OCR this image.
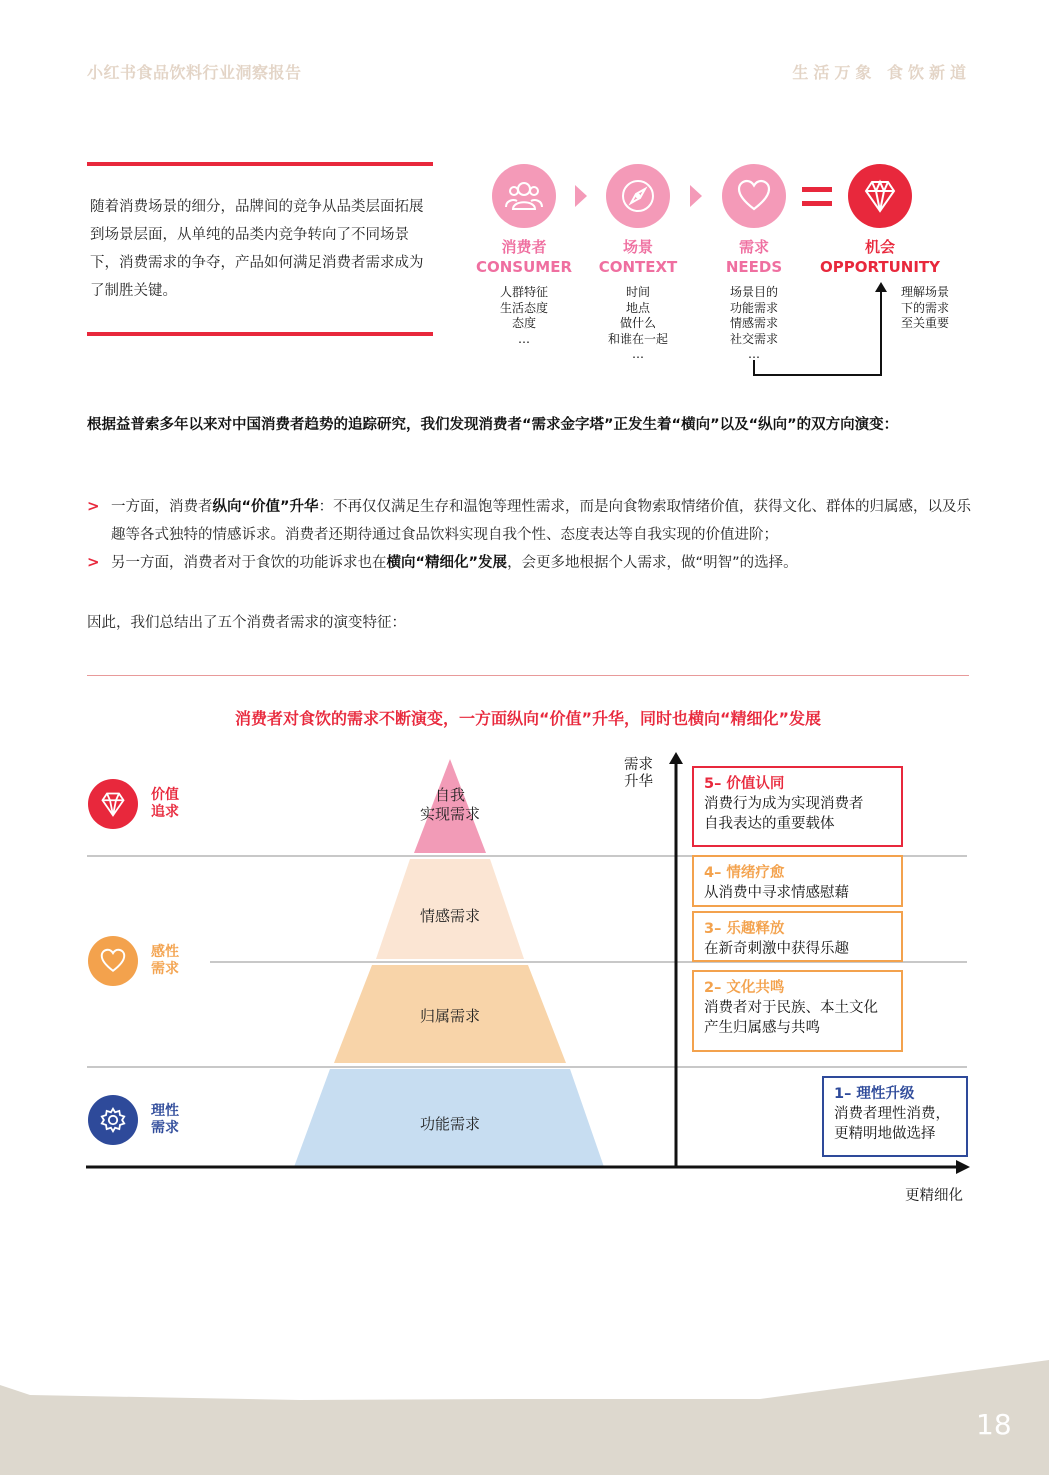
小红书食品饮料行业洞察报告	生活万象 食饮新道
随着消费场景的细分，品牌间的竞争从品类层面拓展到场景层面，从单纯的品类内竞争转向了不同场景下，消费需求的争夺，产品如何满足消费者需求成为了制胜关键。
消费者
CONSUMER
人群特征
生活态度
态度
…
场景
CONTEXT
时间
地点
做什么
和谁在一起
…
需求
NEEDS
场景目的
功能需求
情感需求
社交需求
…
机会
OPPORTUNITY
理解场景
下的需求
至关重要
根据益普索多年以来对中国消费者趋势的追踪研究，我们发现消费者“需求金字塔”正发生着“横向”以及“纵向”的双方向演变：
> 一方面，消费者纵向“价值”升华：不再仅仅满足生存和温饱等理性需求，而是向食物索取情绪价值，获得文化、群体的归属感，以及乐趣等各式独特的情感诉求。消费者还期待通过食品饮料实现自我个性、态度表达等自我实现的价值进阶；
> 另一方面，消费者对于食饮的功能诉求也在横向“精细化”发展，会更多地根据个人需求，做“明智”的选择。
因此，我们总结出了五个消费者需求的演变特征：
消费者对食饮的需求不断演变，一方面纵向“价值”升华，同时也横向“精细化”发展
自我
实现需求
情感需求
归属需求
功能需求
价值
追求
感性
需求
理性
需求
需求
升华
更精细化
5– 价值认同
消费行为成为实现消费者
自我表达的重要载体
4– 情绪疗愈
从消费中寻求情感慰藉
3– 乐趣释放
在新奇刺激中获得乐趣
2– 文化共鸣
消费者对于民族、本土文化
产生归属感与共鸣
1– 理性升级
消费者理性消费，
更精明地做选择
18
